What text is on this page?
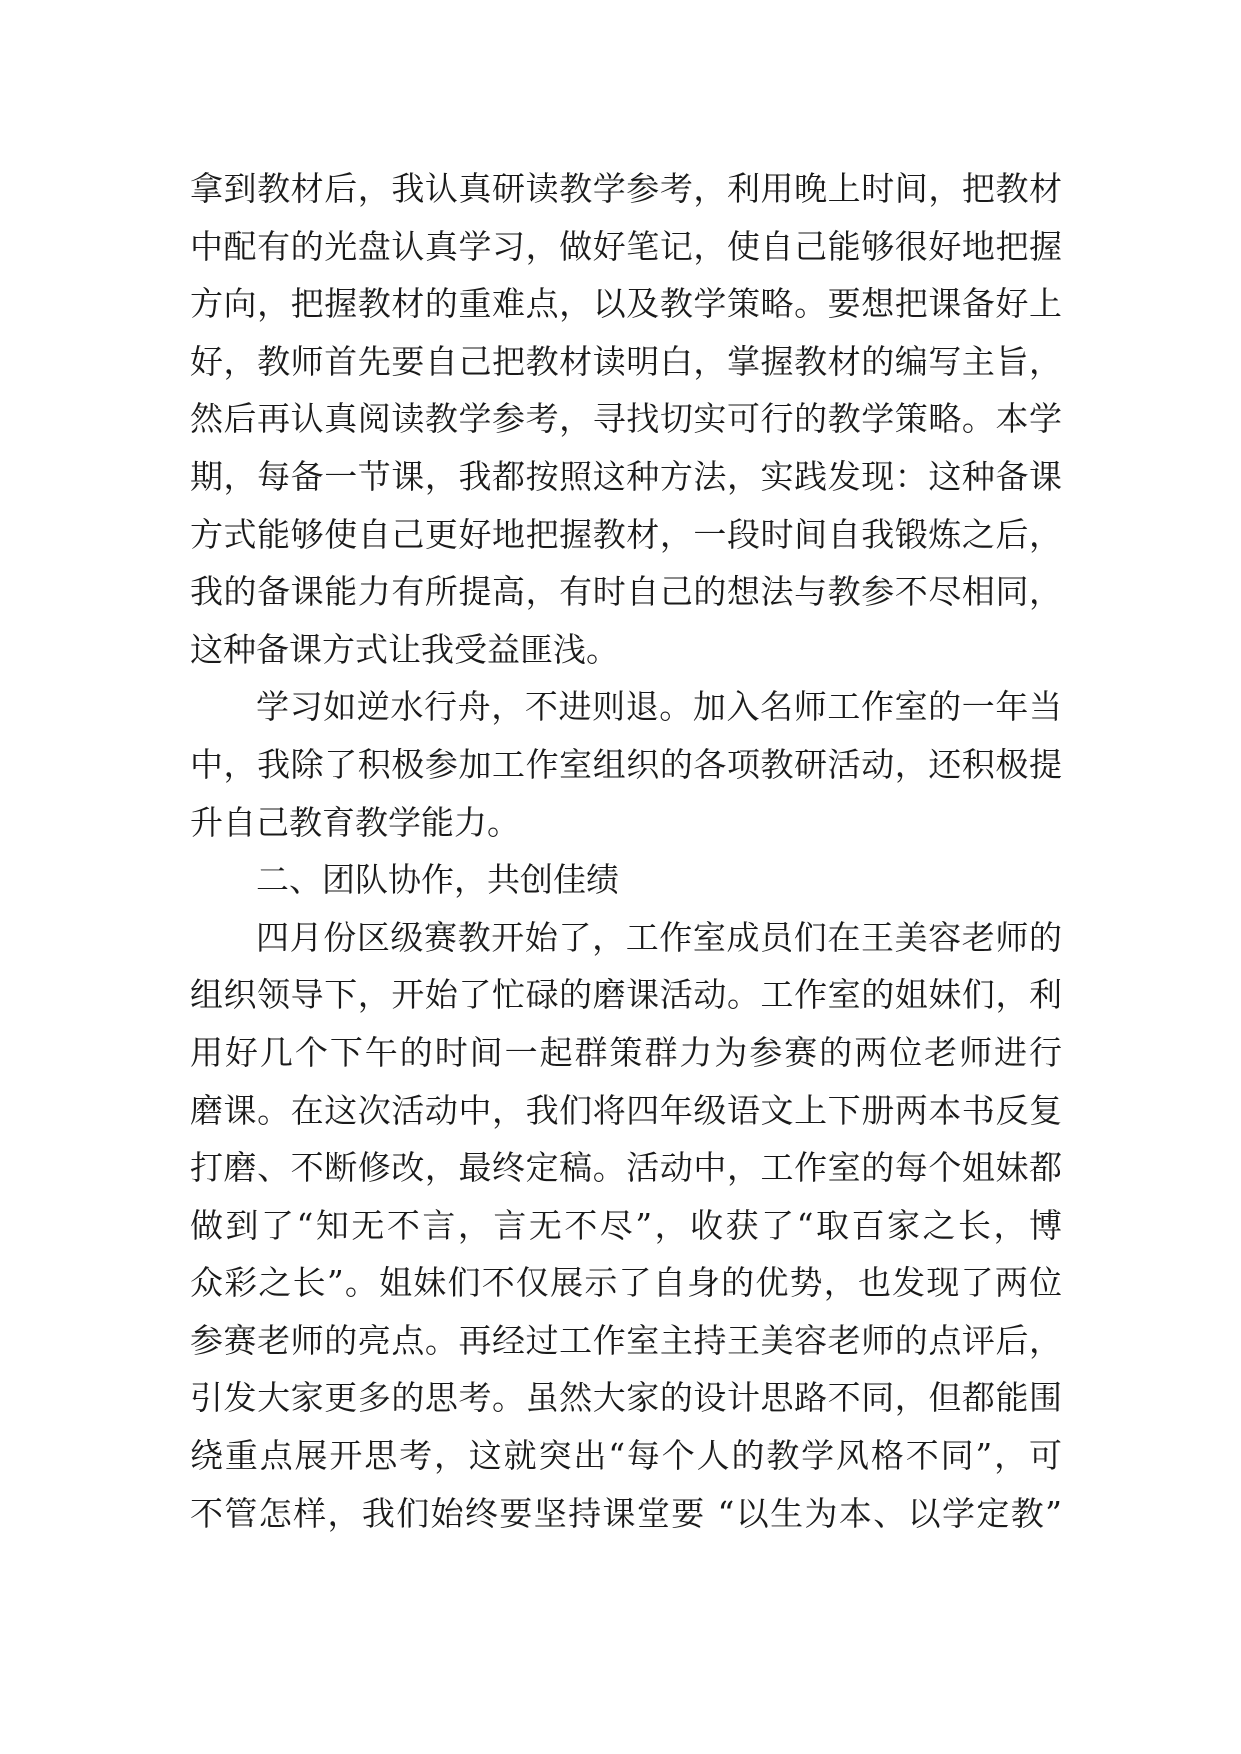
拿到教材后，我认真研读教学参考，利用晚上时间，把教材
中配有的光盘认真学习，做好笔记，使自己能够很好地把握
方向，把握教材的重难点，以及教学策略。要想把课备好上
好，教师首先要自己把教材读明白，掌握教材的编写主旨，
然后再认真阅读教学参考，寻找切实可行的教学策略。本学
期，每备一节课，我都按照这种方法，实践发现：这种备课
方式能够使自己更好地把握教材，一段时间自我锻炼之后，
我的备课能力有所提高，有时自己的想法与教参不尽相同，
这种备课方式让我受益匪浅。
学习如逆水行舟，不进则退。加入名师工作室的一年当
中，我除了积极参加工作室组织的各项教研活动，还积极提
升自己教育教学能力。
二、团队协作，共创佳绩
四月份区级赛教开始了，工作室成员们在王美容老师的
组织领导下，开始了忙碌的磨课活动。工作室的姐妹们，利
用好几个下午的时间一起群策群力为参赛的两位老师进行
磨课。在这次活动中，我们将四年级语文上下册两本书反复
打磨、不断修改，最终定稿。活动中，工作室的每个姐妹都
做到了“知无不言，言无不尽”，收获了“取百家之长，博
众彩之长”。姐妹们不仅展示了自身的优势，也发现了两位
参赛老师的亮点。再经过工作室主持王美容老师的点评后，
引发大家更多的思考。虽然大家的设计思路不同，但都能围
绕重点展开思考，这就突出“每个人的教学风格不同”，可
不管怎样，我们始终要坚持课堂要 “以生为本、以学定教”
